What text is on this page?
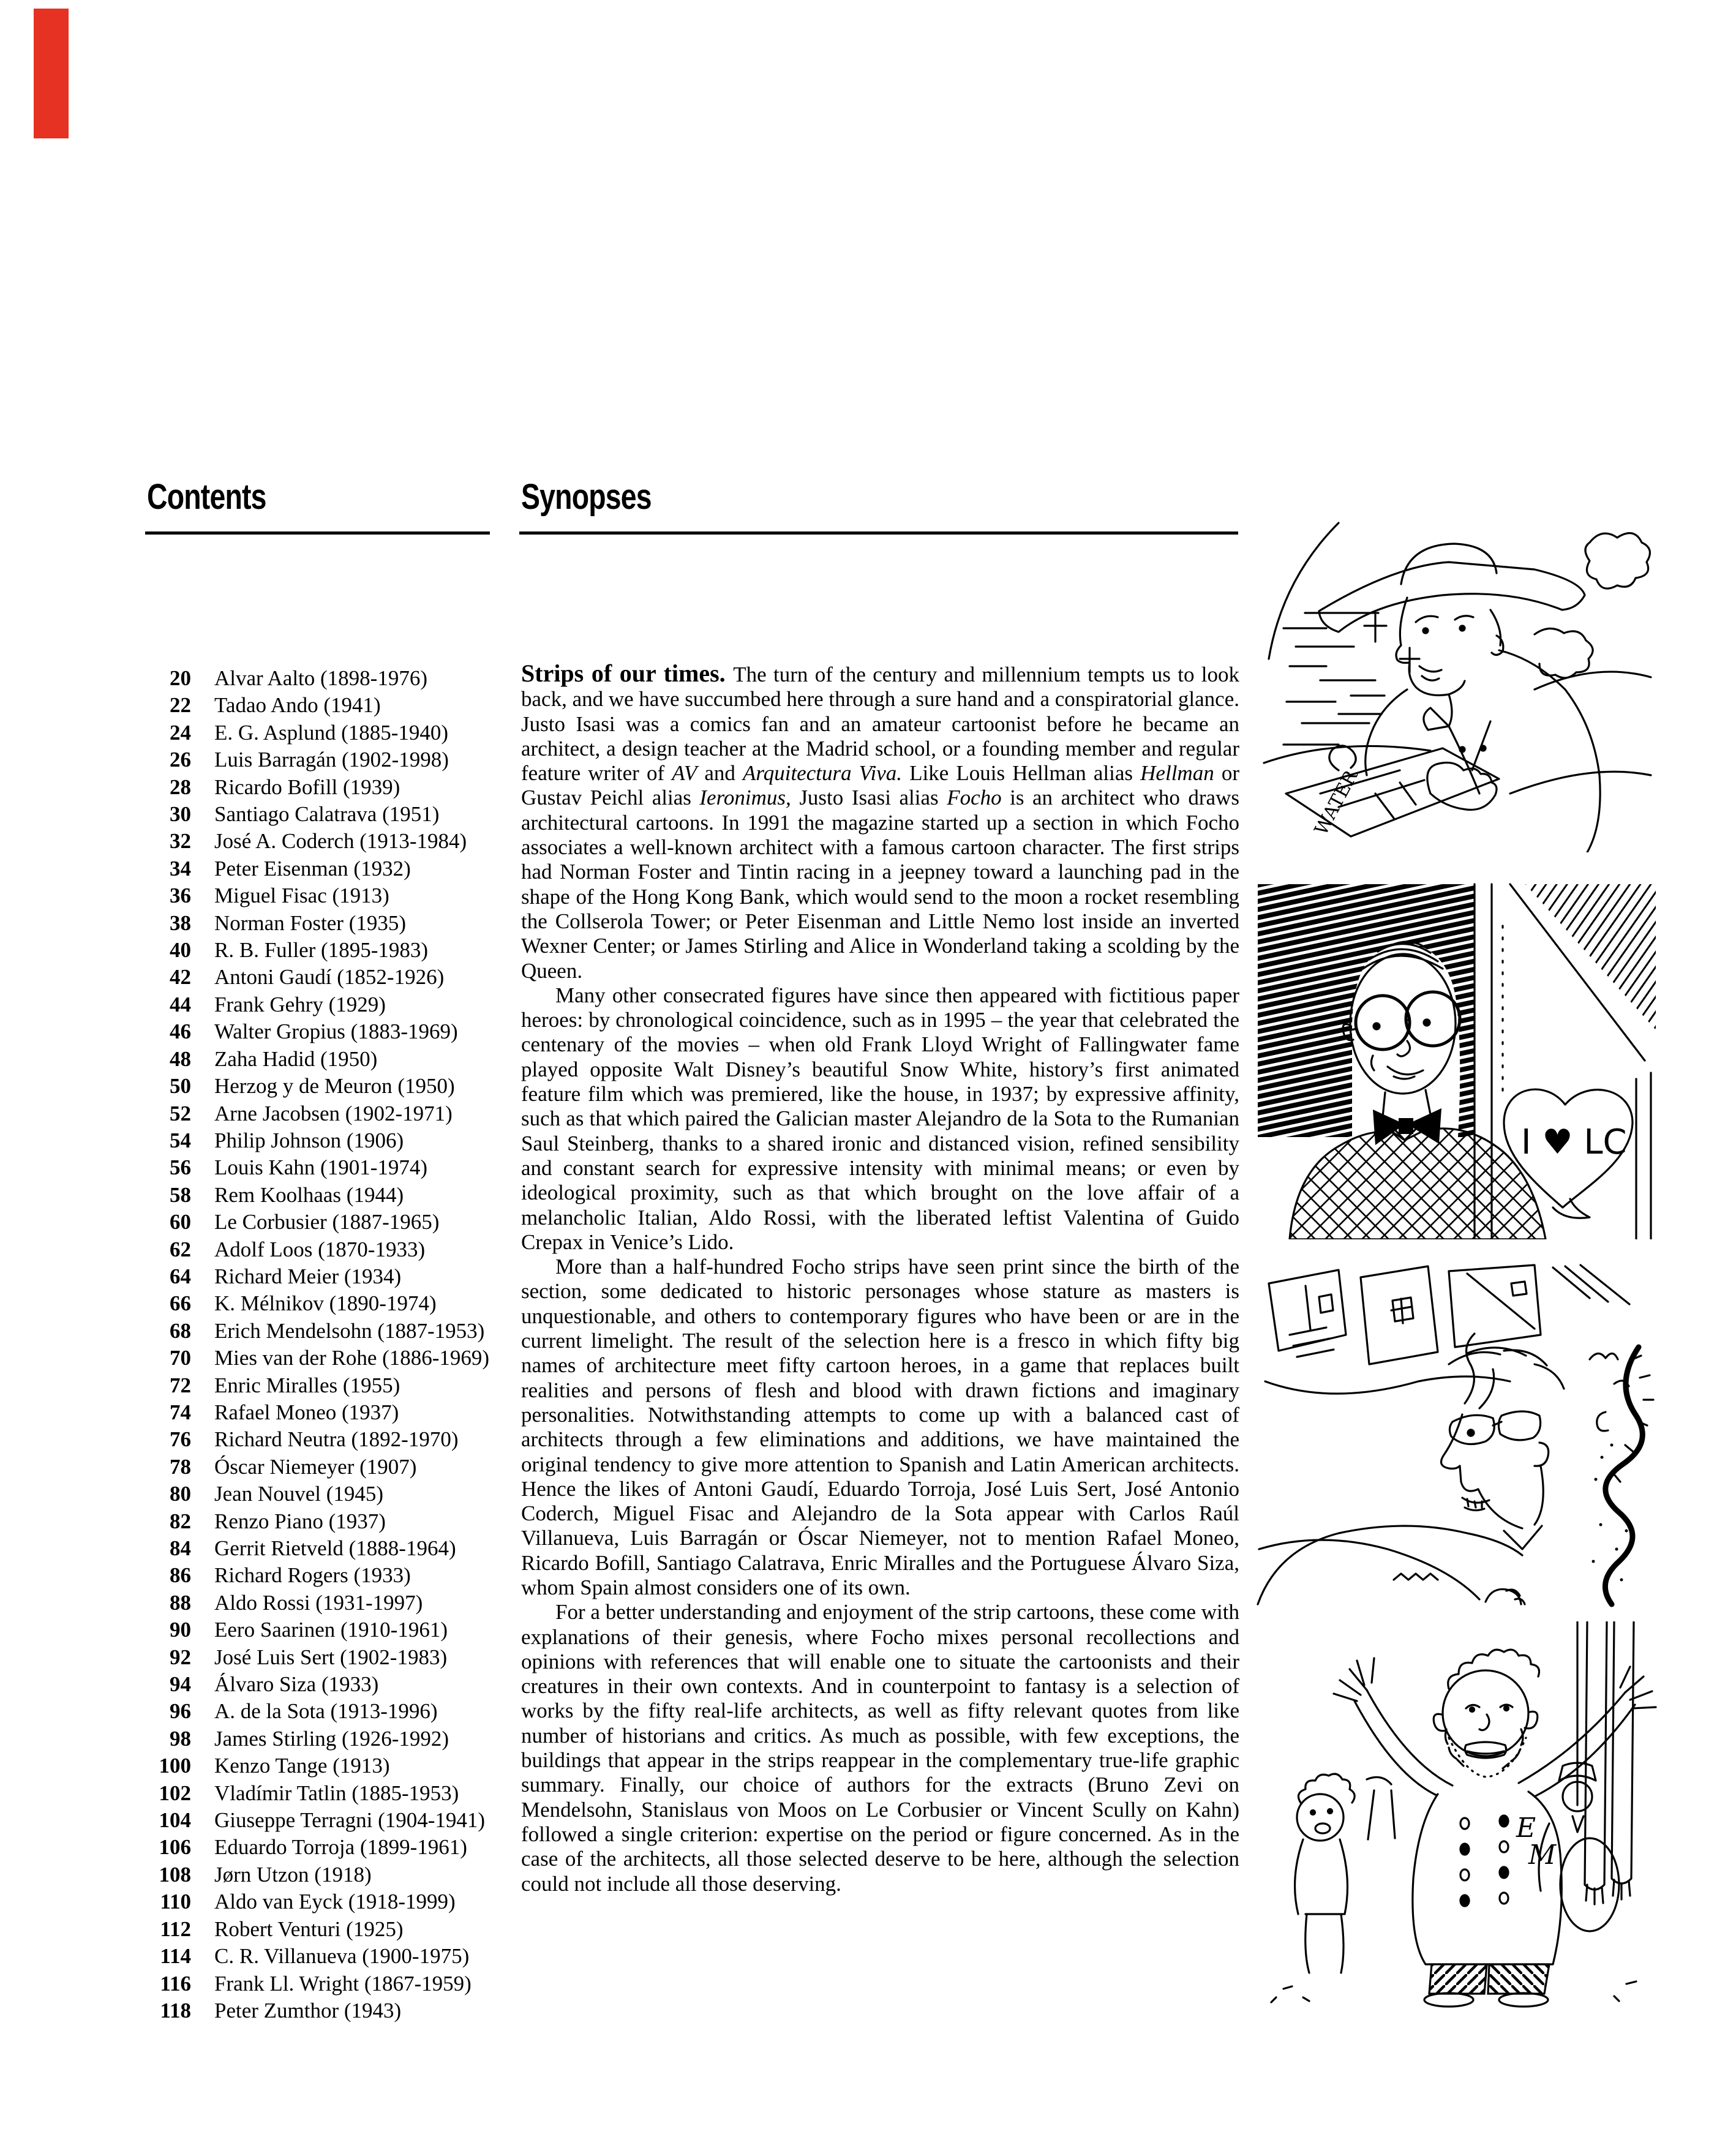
Contents	Synopses
20 Alvar Aalto (1898-1976)
22 Tadao Ando (1941)
24 E. G. Asplund (1885-1940)
26 Luis Barragán (1902-1998)
28 Ricardo Bofill (1939)
30 Santiago Calatrava (1951)
32 José A. Coderch (1913-1984)
34 Peter Eisenman (1932)
36 Miguel Fisac (1913)
38 Norman Foster (1935)
40 R. B. Fuller (1895-1983)
42 Antoni Gaudí (1852-1926)
44 Frank Gehry (1929)
46 Walter Gropius (1883-1969)
48 Zaha Hadid (1950)
50 Herzog y de Meuron (1950)
52 Arne Jacobsen (1902-1971)
54 Philip Johnson (1906)
56 Louis Kahn (1901-1974)
58 Rem Koolhaas (1944)
60 Le Corbusier (1887-1965)
62 Adolf Loos (1870-1933)
64 Richard Meier (1934)
66 K. Mélnikov (1890-1974)
68 Erich Mendelsohn (1887-1953)
70 Mies van der Rohe (1886-1969)
72 Enric Miralles (1955)
74 Rafael Moneo (1937)
76 Richard Neutra (1892-1970)
78 Óscar Niemeyer (1907)
80 Jean Nouvel (1945)
82 Renzo Piano (1937)
84 Gerrit Rietveld (1888-1964)
86 Richard Rogers (1933)
88 Aldo Rossi (1931-1997)
90 Eero Saarinen (1910-1961)
92 José Luis Sert (1902-1983)
94 Álvaro Siza (1933)
96 A. de la Sota (1913-1996)
98 James Stirling (1926-1992)
100 Kenzo Tange (1913)
102 Vladímir Tatlin (1885-1953)
104 Giuseppe Terragni (1904-1941)
106 Eduardo Torroja (1899-1961)
108 Jørn Utzon (1918)
110 Aldo van Eyck (1918-1999)
112 Robert Venturi (1925)
114 C. R. Villanueva (1900-1975)
116 Frank Ll. Wright (1867-1959)
118 Peter Zumthor (1943)

Strips of our times. The turn of the century and millennium tempts us to look back, and we have succumbed here through a sure hand and a conspiratorial glance. Justo Isasi was a comics fan and an amateur cartoonist before he became an architect, a design teacher at the Madrid school, or a founding member and regular feature writer of AV and Arquitectura Viva. Like Louis Hellman alias Hellman or Gustav Peichl alias Ieronimus, Justo Isasi alias Focho is an architect who draws architectural cartoons. In 1991 the magazine started up a section in which Focho associates a well-known architect with a famous cartoon character. The first strips had Norman Foster and Tintin racing in a jeepney toward a launching pad in the shape of the Hong Kong Bank, which would send to the moon a rocket resembling the Collserola Tower; or Peter Eisenman and Little Nemo lost inside an inverted Wexner Center; or James Stirling and Alice in Wonderland taking a scolding by the Queen.

Many other consecrated figures have since then appeared with fictitious paper heroes: by chronological coincidence, such as in 1995 – the year that celebrated the centenary of the movies – when old Frank Lloyd Wright of Fallingwater fame played opposite Walt Disney’s beautiful Snow White, history’s first animated feature film which was premiered, like the house, in 1937; by expressive affinity, such as that which paired the Galician master Alejandro de la Sota to the Rumanian Saul Steinberg, thanks to a shared ironic and distanced vision, refined sensibility and constant search for expressive intensity with minimal means; or even by ideological proximity, such as that which brought on the love affair of a melancholic Italian, Aldo Rossi, with the liberated leftist Valentina of Guido Crepax in Venice’s Lido.

More than a half-hundred Focho strips have seen print since the birth of the section, some dedicated to historic personages whose stature as masters is unquestionable, and others to contemporary figures who have been or are in the current limelight. The result of the selection here is a fresco in which fifty big names of architecture meet fifty cartoon heroes, in a game that replaces built realities and persons of flesh and blood with drawn fictions and imaginary personalities. Notwithstanding attempts to come up with a balanced cast of architects through a few eliminations and additions, we have maintained the original tendency to give more attention to Spanish and Latin American architects. Hence the likes of Antoni Gaudí, Eduardo Torroja, José Luis Sert, José Antonio Coderch, Miguel Fisac and Alejandro de la Sota appear with Carlos Raúl Villanueva, Luis Barragán or Óscar Niemeyer, not to mention Rafael Moneo, Ricardo Bofill, Santiago Calatrava, Enric Miralles and the Portuguese Álvaro Siza, whom Spain almost considers one of its own.

For a better understanding and enjoyment of the strip cartoons, these come with explanations of their genesis, where Focho mixes personal recollections and opinions with references that will enable one to situate the cartoonists and their creatures in their own contexts. And in counterpoint to fantasy is a selection of works by the fifty real-life architects, as well as fifty relevant quotes from like number of historians and critics. As much as possible, with few exceptions, the buildings that appear in the strips reappear in the complementary true-life graphic summary. Finally, our choice of authors for the extracts (Bruno Zevi on Mendelsohn, Stanislaus von Moos on Le Corbusier or Vincent Scully on Kahn) followed a single criterion: expertise on the period or figure concerned. As in the case of the architects, all those selected deserve to be here, although the selection could not include all those deserving.

WATER
I ♥ LC
E
M
